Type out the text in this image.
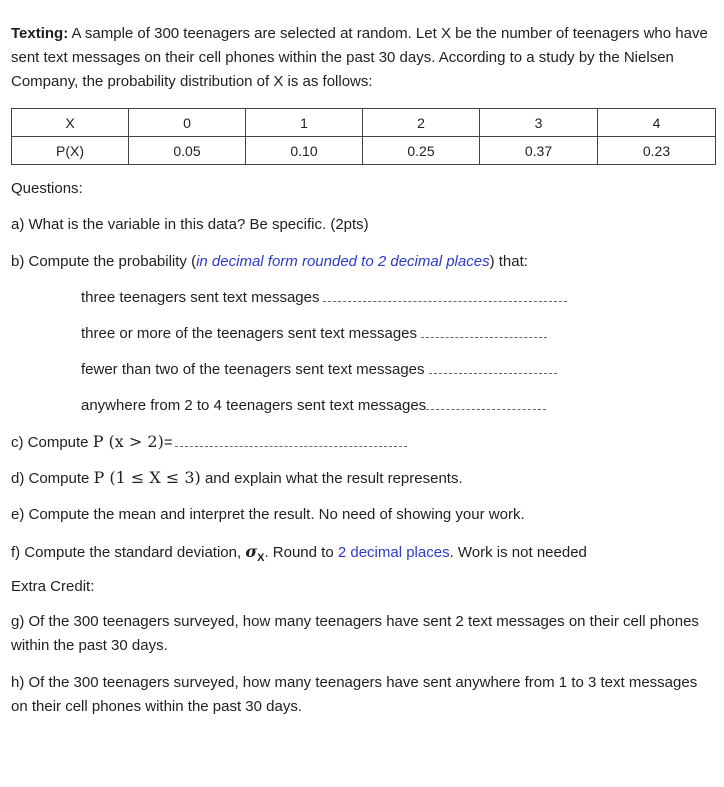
Texting: A sample of 300 teenagers are selected at random. Let X be the number of teenagers who have sent text messages on their cell phones within the past 30 days. According to a study by the Nielsen Company, the probability distribution of X is as follows:

X	0	1	2	3	4
P(X)	0.05	0.10	0.25	0.37	0.23

Questions:

a) What is the variable in this data? Be specific. (2pts)

b) Compute the probability (in decimal form rounded to 2 decimal places) that:

three teenagers sent text messages

three or more of the teenagers sent text messages

fewer than two of the teenagers sent text messages

anywhere from 2 to 4 teenagers sent text messages

c) Compute P (x > 2)=

d) Compute P (1 ≤ X ≤ 3) and explain what the result represents.

e) Compute the mean and interpret the result. No need of showing your work.

f) Compute the standard deviation, $\sigma_X$. Round to 2 decimal places. Work is not needed

Extra Credit:

g) Of the 300 teenagers surveyed, how many teenagers have sent 2 text messages on their cell phones within the past 30 days.

h) Of the 300 teenagers surveyed, how many teenagers have sent anywhere from 1 to 3 text messages on their cell phones within the past 30 days.
